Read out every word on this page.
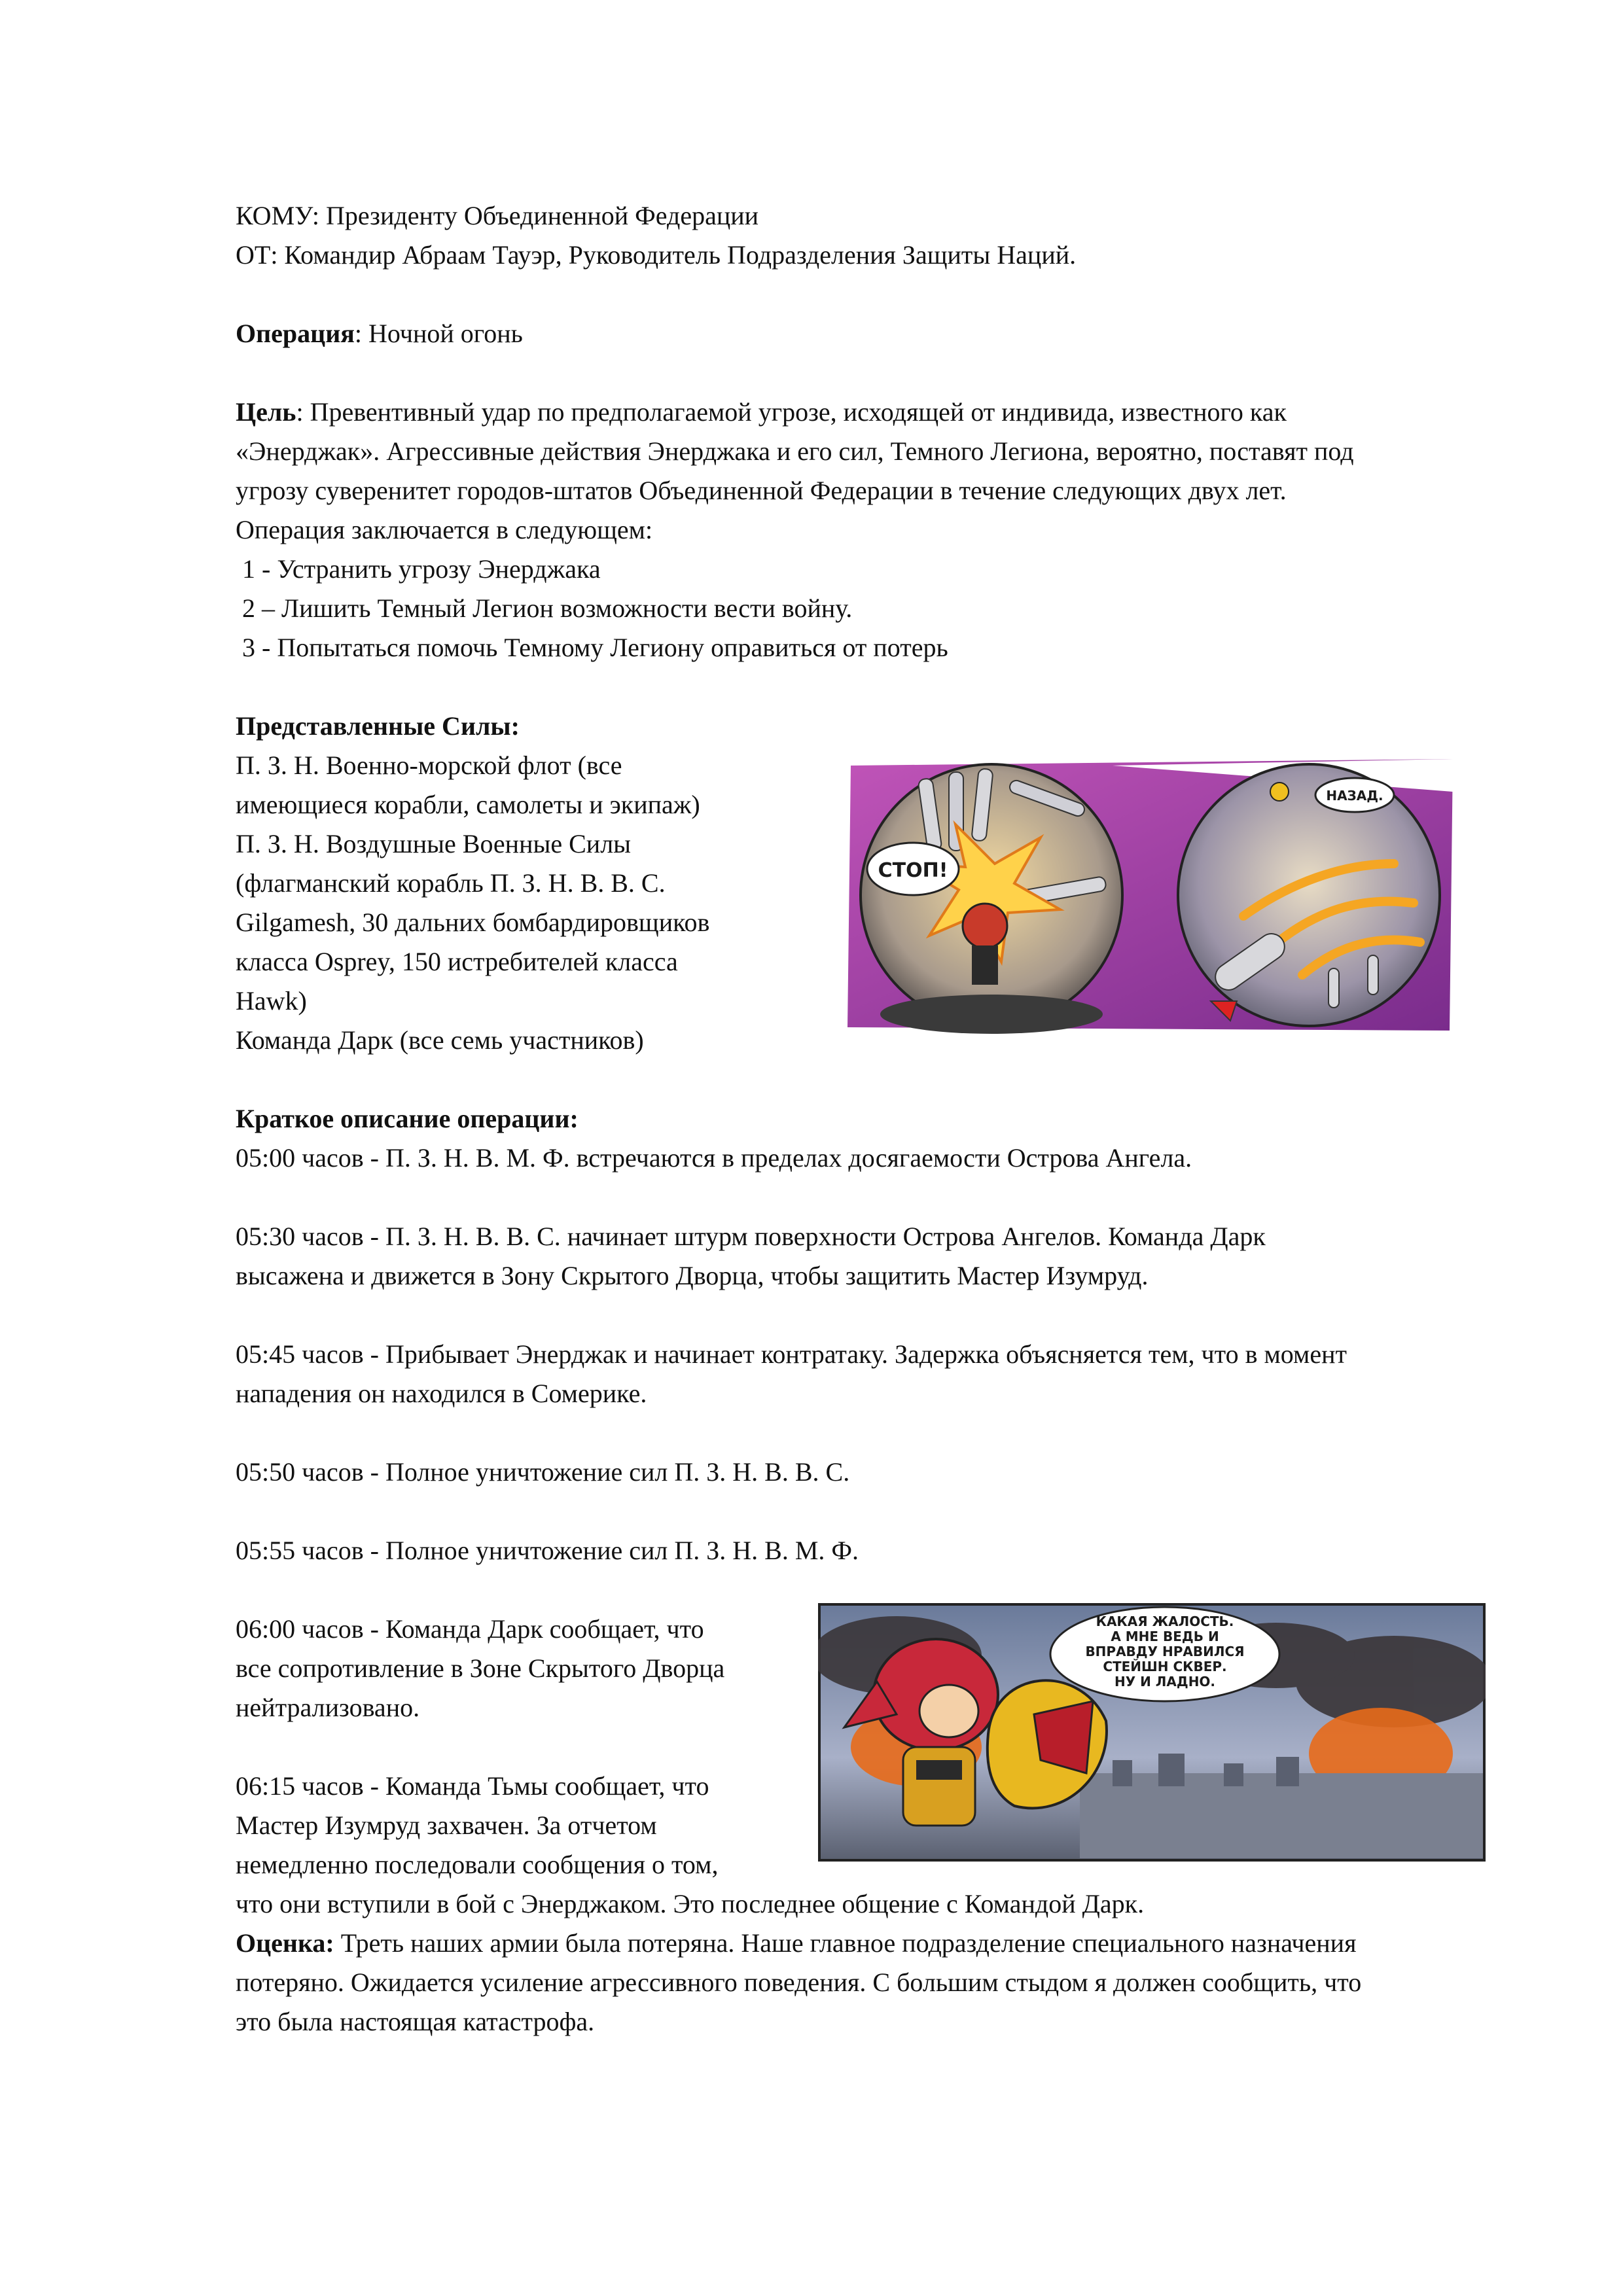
КОМУ: Президенту Объединенной Федерации
ОТ: Командир Абраам Тауэр, Руководитель Подразделения Защиты Наций.
Операция: Ночной огонь
Цель: Превентивный удар по предполагаемой угрозе, исходящей от индивида, известного как
«Энерджак». Агрессивные действия Энерджака и его сил, Темного Легиона, вероятно, поставят под
угрозу суверенитет городов-штатов Объединенной Федерации в течение следующих двух лет.
Операция заключается в следующем:
1 - Устранить угрозу Энерджака
2 – Лишить Темный Легион возможности вести войну.
3 - Попытаться помочь Темному Легиону оправиться от потерь
Представленные Силы:
П. З. Н. Военно-морской флот (все
имеющиеся корабли, самолеты и экипаж)
П. З. Н. Воздушные Военные Силы
(флагманский корабль П. З. Н. В. В. С.
Gilgamesh, 30 дальних бомбардировщиков
класса Osprey, 150 истребителей класса
Hawk)
Команда Дарк (все семь участников)
СТОП!
НАЗАД.
Краткое описание операции:
05:00 часов - П. З. Н. В. М. Ф. встречаются в пределах досягаемости Острова Ангела.
05:30 часов - П. З. Н. В. В. С. начинает штурм поверхности Острова Ангелов. Команда Дарк
высажена и движется в Зону Скрытого Дворца, чтобы защитить Мастер Изумруд.
05:45 часов - Прибывает Энерджак и начинает контратаку. Задержка объясняется тем, что в момент
нападения он находился в Сомерике.
05:50 часов - Полное уничтожение сил П. З. Н. В. В. С.
05:55 часов - Полное уничтожение сил П. З. Н. В. М. Ф.
06:00 часов - Команда Дарк сообщает, что
все сопротивление в Зоне Скрытого Дворца
нейтрализовано.
06:15 часов - Команда Тьмы сообщает, что
Мастер Изумруд захвачен. За отчетом
немедленно последовали сообщения о том,
что они вступили в бой с Энерджаком. Это последнее общение с Командой Дарк.
КАКАЯ ЖАЛОСТЬ.
А МНЕ ВЕДЬ И
ВПРАВДУ НРАВИЛСЯ
СТЕЙШН СКВЕР.
НУ И ЛАДНО.
Оценка: Треть наших армии была потеряна. Наше главное подразделение специального назначения
потеряно. Ожидается усиление агрессивного поведения. С большим стыдом я должен сообщить, что
это была настоящая катастрофа.
